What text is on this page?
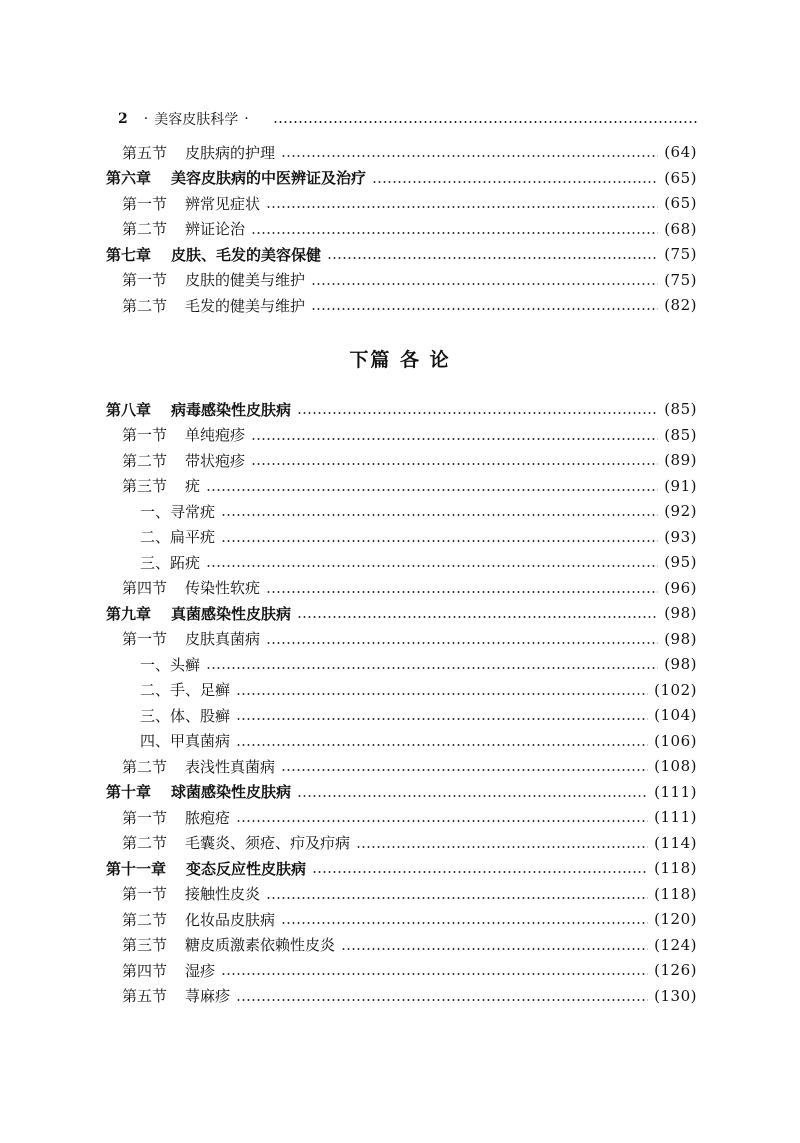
2 · 美容皮肤科学 ·
第五节 皮肤病的护理	(64)
第六章 美容皮肤病的中医辨证及治疗	(65)
第一节 辨常见症状	(65)
第二节 辨证论治	(68)
第七章 皮肤、毛发的美容保健	(75)
第一节 皮肤的健美与维护	(75)
第二节 毛发的健美与维护	(82)
下篇 各 论
第八章 病毒感染性皮肤病	(85)
第一节 单纯疱疹	(85)
第二节 带状疱疹	(89)
第三节 疣	(91)
一、 寻常疣	(92)
二、 扁平疣	(93)
三、 跖疣	(95)
第四节 传染性软疣	(96)
第九章 真菌感染性皮肤病	(98)
第一节 皮肤真菌病	(98)
一、 头癣	(98)
二、 手、足癣	(102)
三、 体、股癣	(104)
四、 甲真菌病	(106)
第二节 表浅性真菌病	(108)
第十章 球菌感染性皮肤病	(111)
第一节 脓疱疮	(111)
第二节 毛囊炎、须疮、疖及疖病	(114)
第十一章 变态反应性皮肤病	(118)
第一节 接触性皮炎	(118)
第二节 化妆品皮肤病	(120)
第三节 糖皮质激素依赖性皮炎	(124)
第四节 湿疹	(126)
第五节 荨麻疹	(130)
